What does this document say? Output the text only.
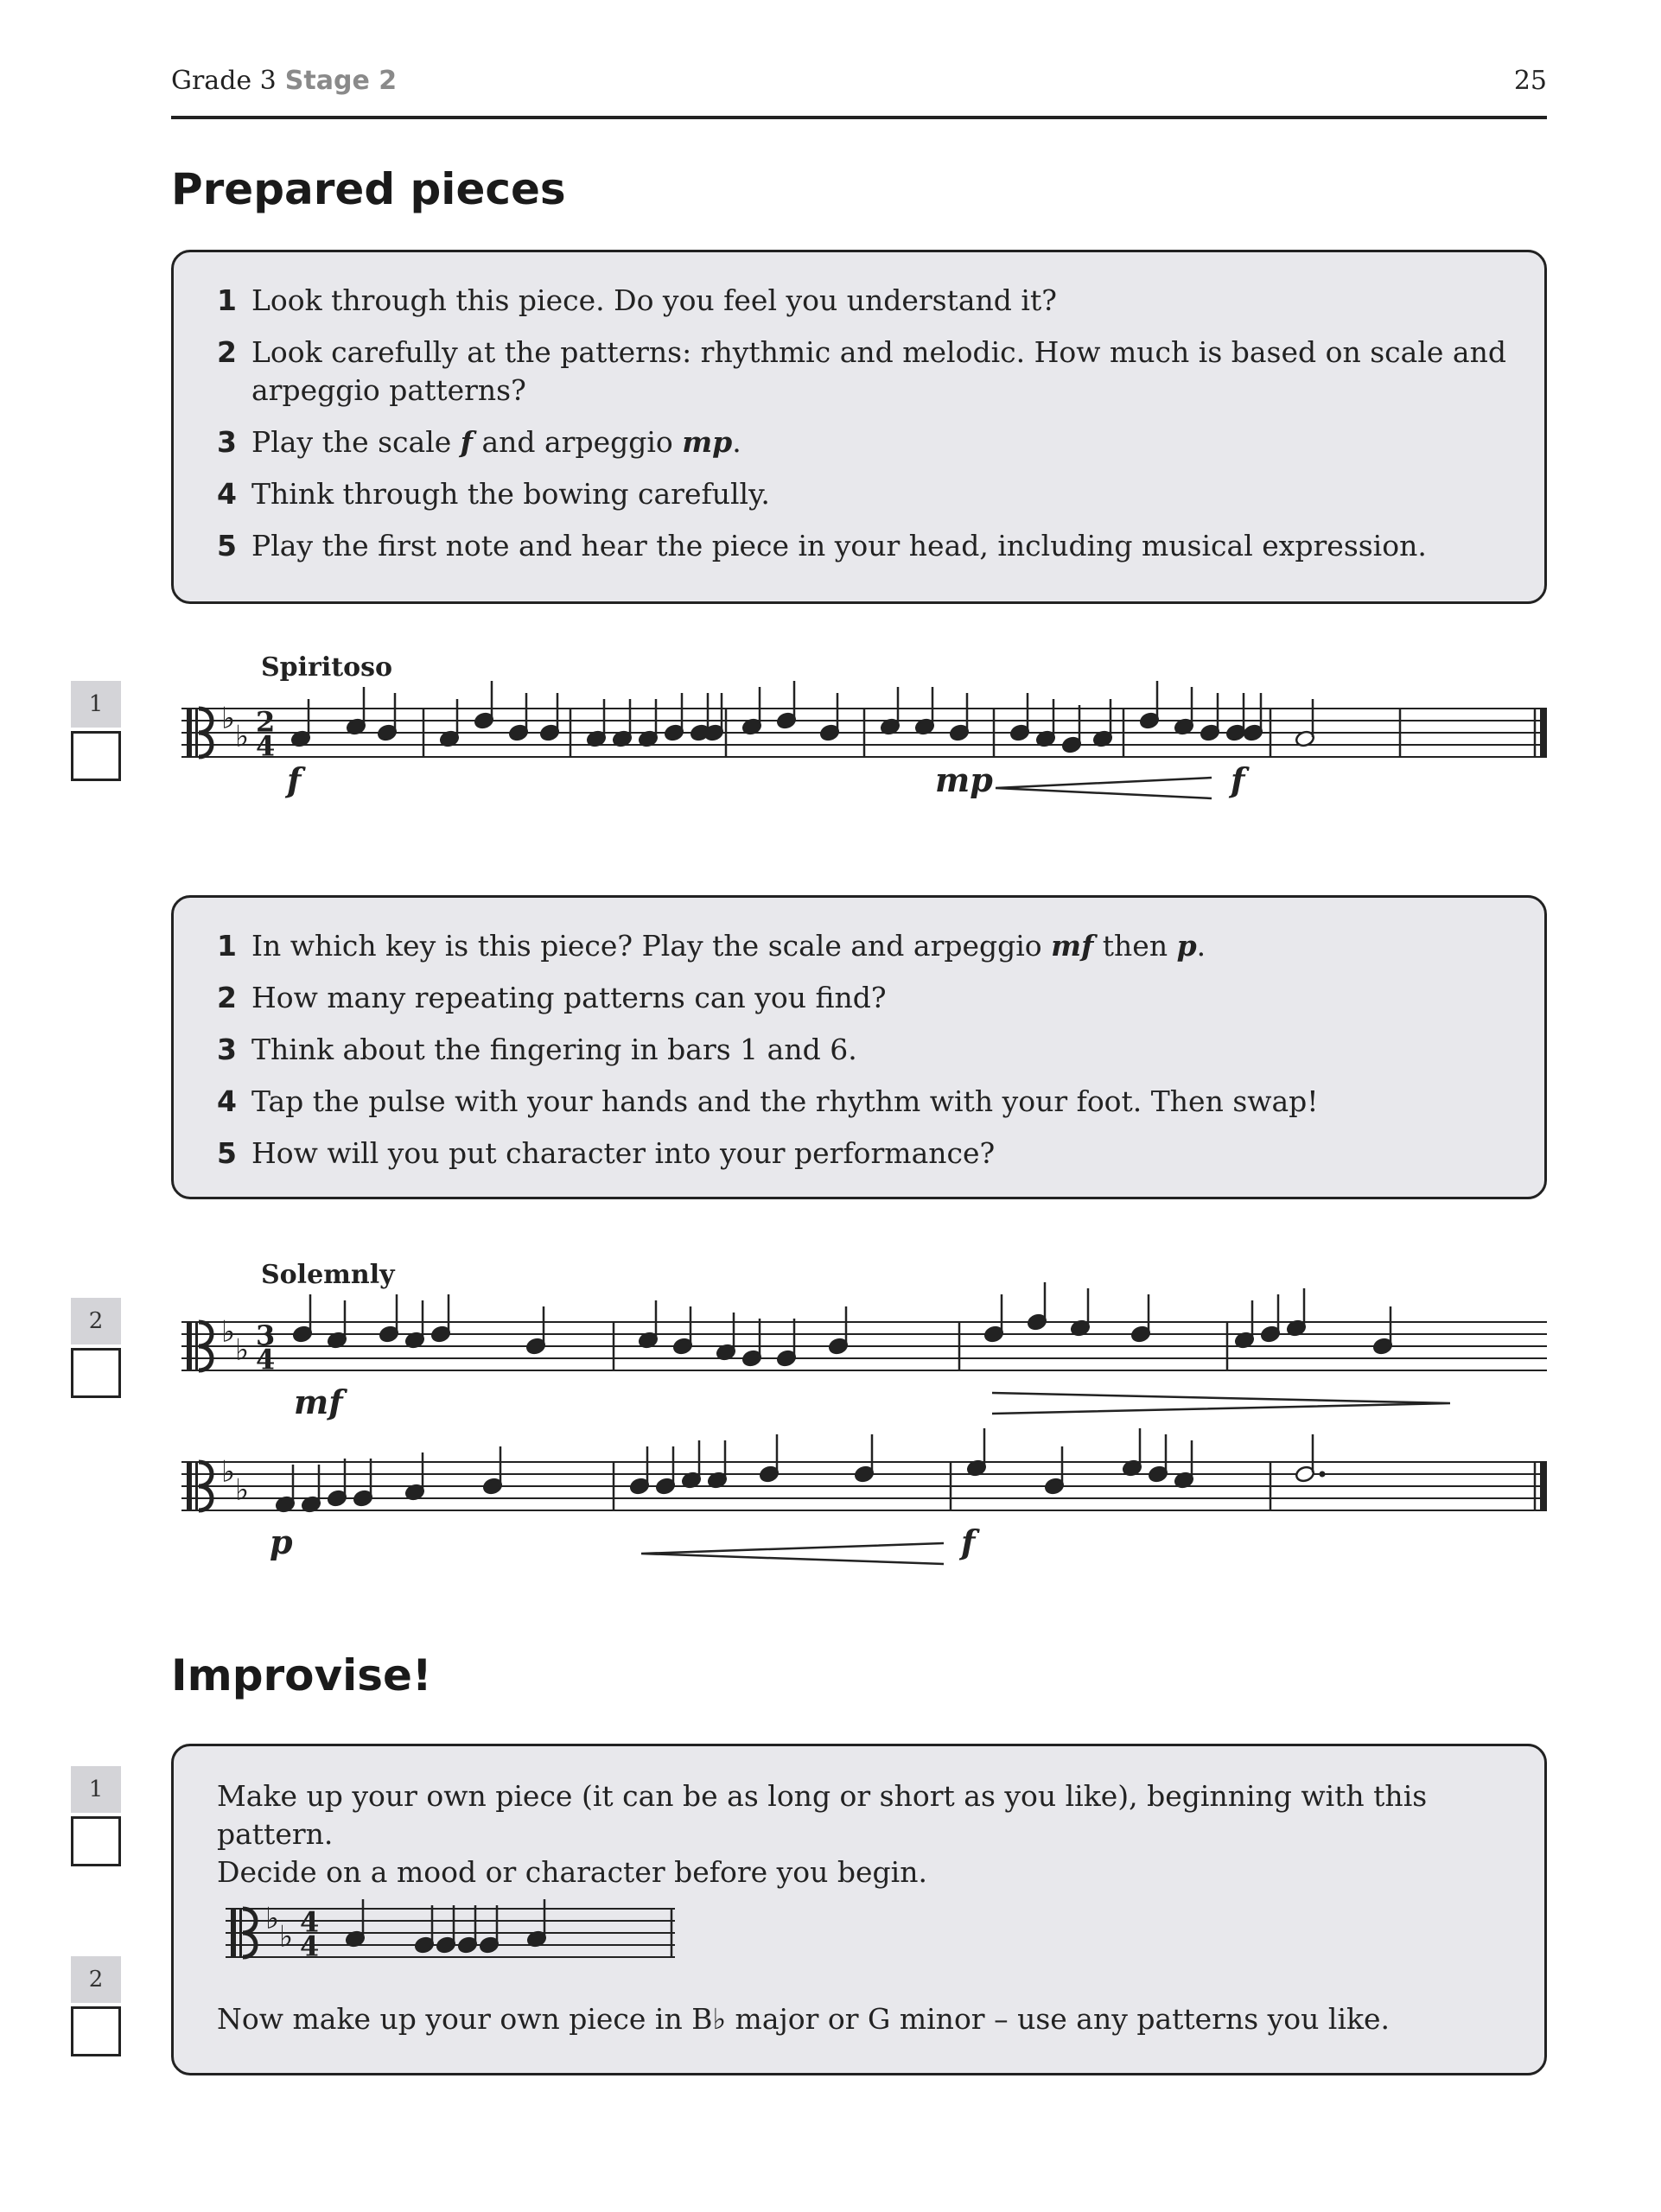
Grade 3 Stage 2	25
Prepared pieces
1 Look through this piece. Do you feel you understand it?
2 Look carefully at the patterns: rhythmic and melodic. How much is based on scale and arpeggio patterns?
3 Play the scale f and arpeggio mp.
4 Think through the bowing carefully.
5 Play the first note and hear the piece in your head, including musical expression.
1
Spiritoso
♭
♭ 2
4
f	mp	f
1 In which key is this piece? Play the scale and arpeggio mf then p.
2 How many repeating patterns can you find?
3 Think about the fingering in bars 1 and 6.
4 Tap the pulse with your hands and the rhythm with your foot. Then swap!
5 How will you put character into your performance?
2
Solemnly
♭
♭ 3
4
mf
♭
♭
p	f
Improvise!

Make up your own piece (it can be as long or short as you like), beginning with this pattern.

Decide on a mood or character before you begin.

♭
♭ 4
4

Now make up your own piece in B♭ major or G minor – use any patterns you like.

1
2
